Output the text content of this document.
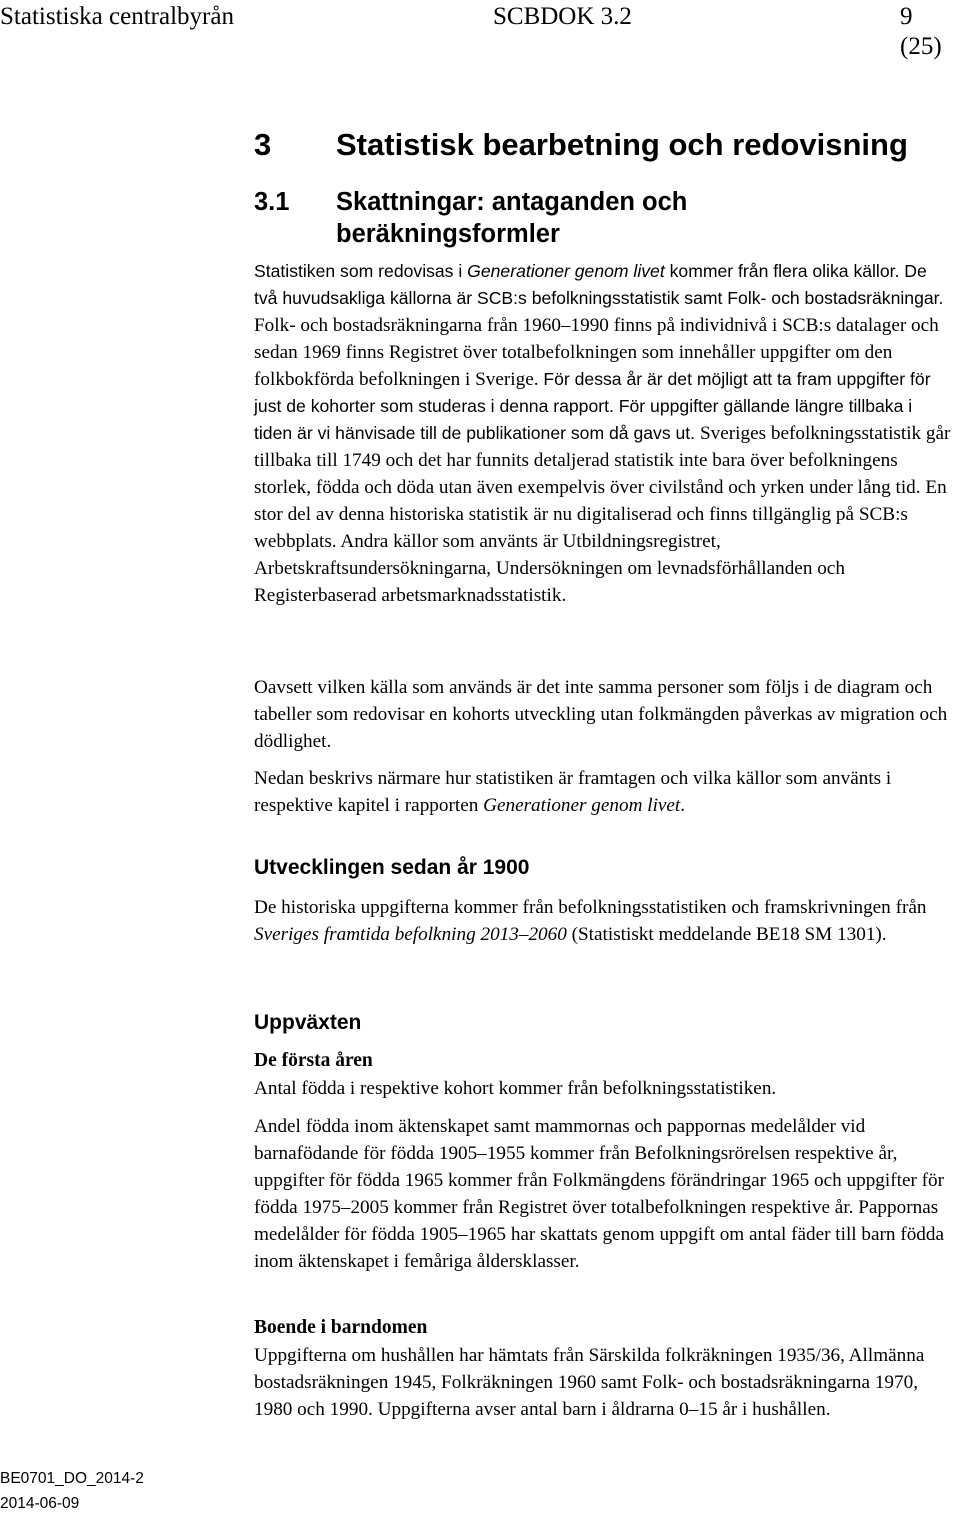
Statistiska centralbyrån	SCBDOK 3.2	9 (25)
3 Statistisk bearbetning och redovisning
3.1	Skattningar: antaganden och beräkningsformler

Statistiken som redovisas i Generationer genom livet kommer från flera olika källor. De två huvudsakliga källorna är SCB:s befolkningsstatistik samt Folk- och bostadsräkningar. Folk- och bostadsräkningarna från 1960–1990 finns på individnivå i SCB:s datalager och sedan 1969 finns Registret över totalbefolkningen som innehåller uppgifter om den folkbokförda befolkningen i Sverige. För dessa år är det möjligt att ta fram uppgifter för just de kohorter som studeras i denna rapport. För uppgifter gällande längre tillbaka i tiden är vi hänvisade till de publikationer som då gavs ut. Sveriges befolkningsstatistik går tillbaka till 1749 och det har funnits detaljerad statistik inte bara över befolkningens storlek, födda och döda utan även exempelvis över civilstånd och yrken under lång tid. En stor del av denna historiska statistik är nu digitaliserad och finns tillgänglig på SCB:s webbplats. Andra källor som använts är Utbildningsregistret, Arbetskraftsundersökningarna, Undersökningen om levnadsförhållanden och Registerbaserad arbetsmarknadsstatistik.

Oavsett vilken källa som används är det inte samma personer som följs i de diagram och tabeller som redovisar en kohorts utveckling utan folkmängden påverkas av migration och dödlighet.

Nedan beskrivs närmare hur statistiken är framtagen och vilka källor som använts i respektive kapitel i rapporten Generationer genom livet.

Utvecklingen sedan år 1900

De historiska uppgifterna kommer från befolkningsstatistiken och framskrivningen från Sveriges framtida befolkning 2013–2060 (Statistiskt meddelande BE18 SM 1301).

Uppväxten
De första åren

Antal födda i respektive kohort kommer från befolkningsstatistiken.

Andel födda inom äktenskapet samt mammornas och pappornas medelålder vid barnafödande för födda 1905–1955 kommer från Befolkningsrörelsen respektive år, uppgifter för födda 1965 kommer från Folkmängdens förändringar 1965 och uppgifter för födda 1975–2005 kommer från Registret över totalbefolkningen respektive år. Pappornas medelålder för födda 1905–1965 har skattats genom uppgift om antal fäder till barn födda inom äktenskapet i femåriga åldersklasser.

Boende i barndomen

Uppgifterna om hushållen har hämtats från Särskilda folkräkningen 1935/36, Allmänna bostadsräkningen 1945, Folkräkningen 1960 samt Folk- och bostadsräkningarna 1970, 1980 och 1990. Uppgifterna avser antal barn i åldrarna 0–15 år i hushållen.

BE0701_DO_2014-2
2014-06-09
